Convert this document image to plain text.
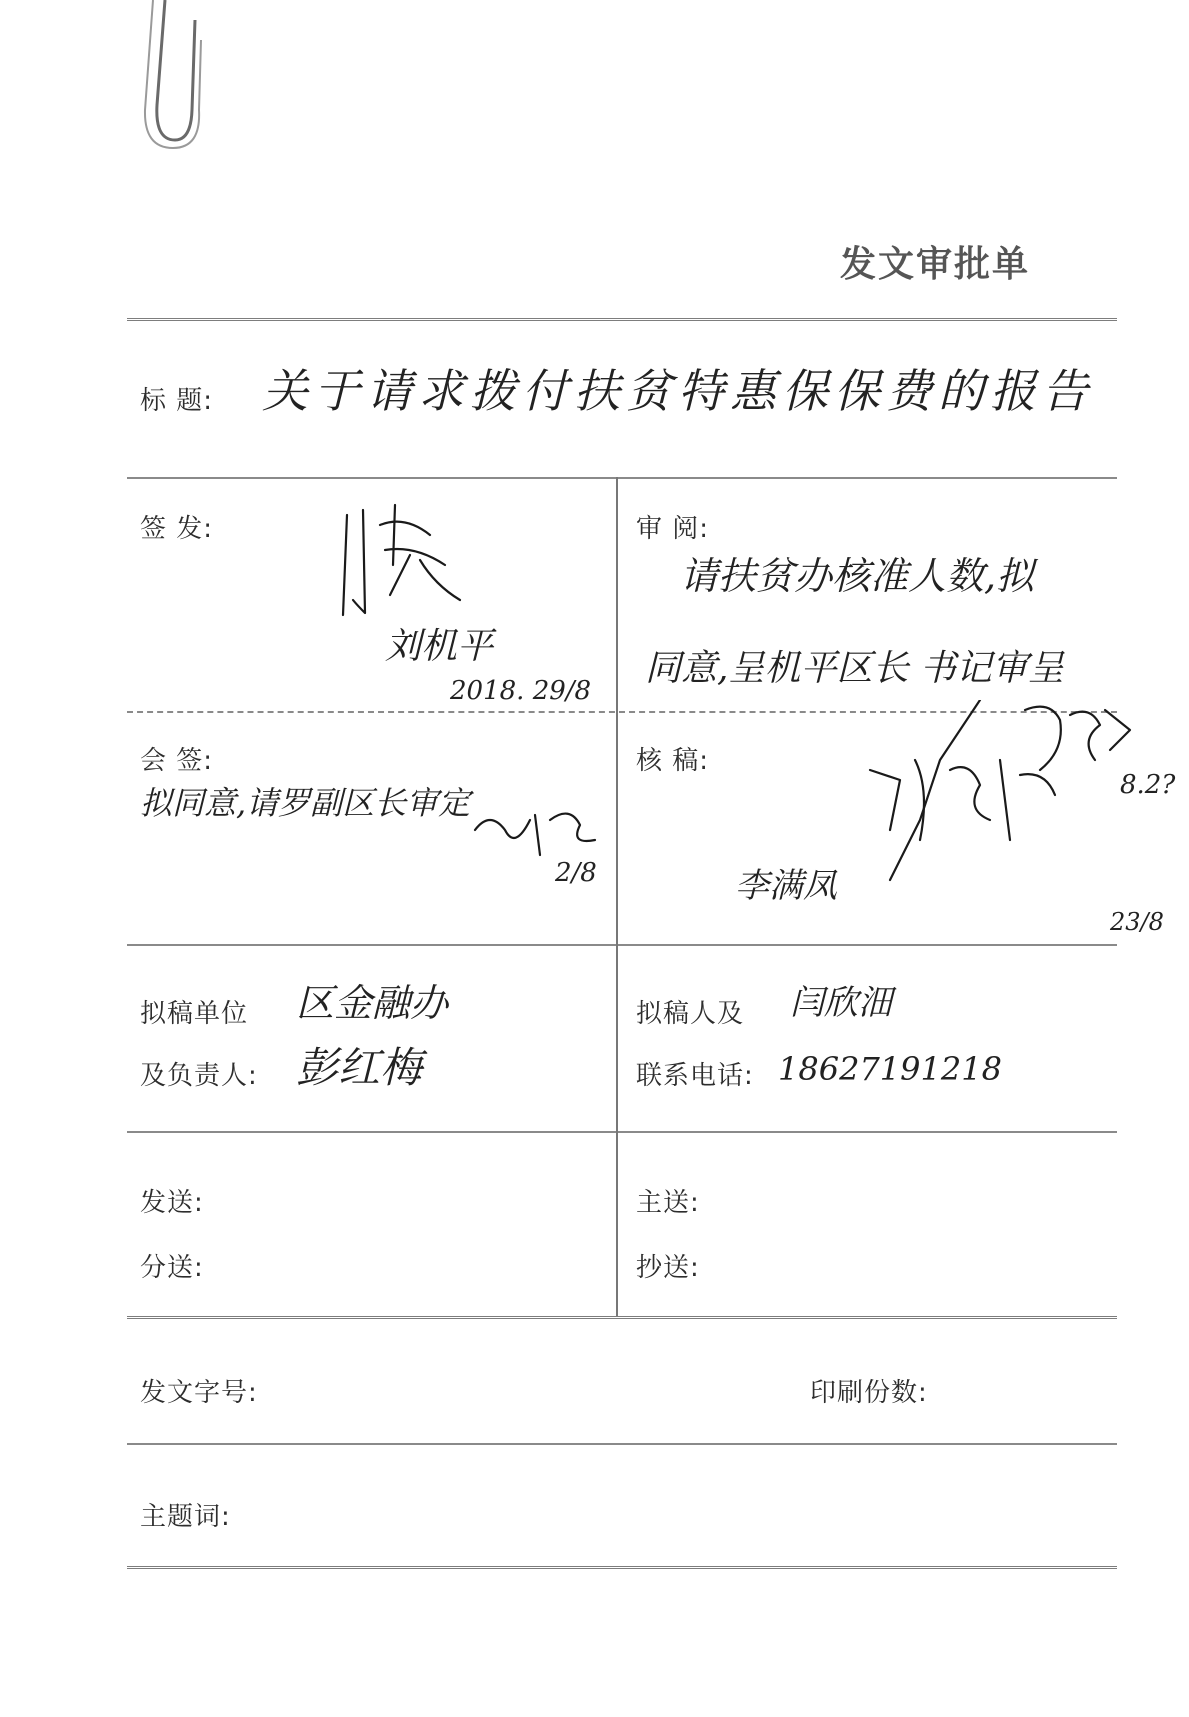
发文审批单
标 题: 关于请求拨付扶贫特惠保保费的报告
签 发:
刘机平
2018. 29/8
审 阅:
请扶贫办核准人数,拟
同意,呈机平区长 书记审呈
8.2?
会 签:
拟同意,请罗副区长审定
2/8
核 稿:
李满凤
23/8
拟稿单位 区金融办
及负责人: 彭红梅
拟稿人及 闫欣沺
联系电话: 18627191218
发送:
分送:
主送:
抄送:
发文字号:	印刷份数:
主题词:
